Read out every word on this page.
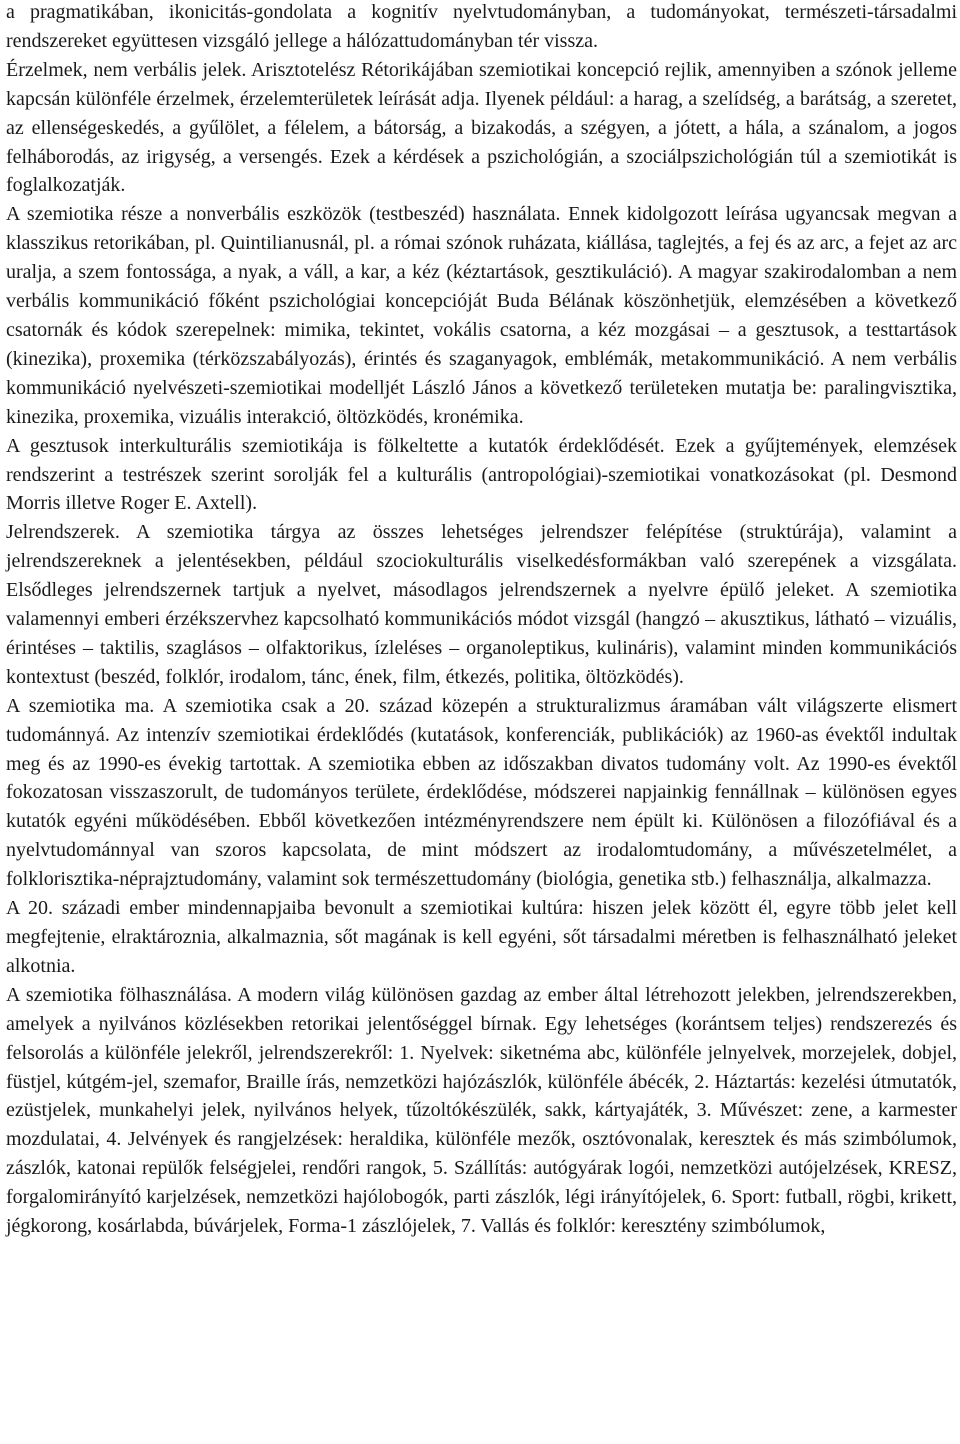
a pragmatikában, ikonicitás-gondolata a kognitív nyelvtudományban, a tudományokat, természeti-társadalmi rendszereket együttesen vizsgáló jellege a hálózattudományban tér vissza.

Érzelmek, nem verbális jelek. Arisztotelész Rétorikájában szemiotikai koncepció rejlik, amennyiben a szónok jelleme kapcsán különféle érzelmek, érzelemterületek leírását adja. Ilyenek például: a harag, a szelídség, a barátság, a szeretet, az ellenségeskedés, a gyűlölet, a félelem, a bátorság, a bizakodás, a szégyen, a jótett, a hála, a szánalom, a jogos felháborodás, az irigység, a versengés. Ezek a kérdések a pszichológián, a szociálpszichológián túl a szemiotikát is foglalkozatják.

A szemiotika része a nonverbális eszközök (testbeszéd) használata. Ennek kidolgozott leírása ugyancsak megvan a klasszikus retorikában, pl. Quintilianusnál, pl. a római szónok ruházata, kiállása, taglejtés, a fej és az arc, a fejet az arc uralja, a szem fontossága, a nyak, a váll, a kar, a kéz (kéztartások, gesztikuláció). A magyar szakirodalomban a nem verbális kommunikáció főként pszichológiai koncepcióját Buda Bélának köszönhetjük, elemzésében a következő csatornák és kódok szerepelnek: mimika, tekintet, vokális csatorna, a kéz mozgásai – a gesztusok, a testtartások (kinezika), proxemika (térközszabályozás), érintés és szaganyagok, emblémák, metakommunikáció. A nem verbális kommunikáció nyelvészeti-szemiotikai modelljét László János a következő területeken mutatja be: paralingvisztika, kinezika, proxemika, vizuális interakció, öltözködés, kronémika.

A gesztusok interkulturális szemiotikája is fölkeltette a kutatók érdeklődését. Ezek a gyűjtemények, elemzések rendszerint a testrészek szerint sorolják fel a kulturális (antropológiai)-szemiotikai vonatkozásokat (pl. Desmond Morris illetve Roger E. Axtell).

Jelrendszerek. A szemiotika tárgya az összes lehetséges jelrendszer felépítése (struktúrája), valamint a jelrendszereknek a jelentésekben, például szociokulturális viselkedésformákban való szerepének a vizsgálata. Elsődleges jelrendszernek tartjuk a nyelvet, másodlagos jelrendszernek a nyelvre épülő jeleket. A szemiotika valamennyi emberi érzékszervhez kapcsolható kommunikációs módot vizsgál (hangzó – akusztikus, látható – vizuális, érintéses – taktilis, szaglásos – olfaktorikus, ízleléses – organoleptikus, kulináris), valamint minden kommunikációs kontextust (beszéd, folklór, irodalom, tánc, ének, film, étkezés, politika, öltözködés).

A szemiotika ma. A szemiotika csak a 20. század közepén a strukturalizmus áramában vált világszerte elismert tudománnyá. Az intenzív szemiotikai érdeklődés (kutatások, konferenciák, publikációk) az 1960-as évektől indultak meg és az 1990-es évekig tartottak. A szemiotika ebben az időszakban divatos tudomány volt. Az 1990-es évektől fokozatosan visszaszorult, de tudományos területe, érdeklődése, módszerei napjainkig fennállnak – különösen egyes kutatók egyéni működésében. Ebből következően intézményrendszere nem épült ki. Különösen a filozófiával és a nyelvtudománnyal van szoros kapcsolata, de mint módszert az irodalomtudomány, a művészetelmélet, a folklorisztika-néprajztudomány, valamint sok természettudomány (biológia, genetika stb.) felhasználja, alkalmazza.

A 20. századi ember mindennapjaiba bevonult a szemiotikai kultúra: hiszen jelek között él, egyre több jelet kell megfejtenie, elraktároznia, alkalmaznia, sőt magának is kell egyéni, sőt társadalmi méretben is felhasználható jeleket alkotnia.

A szemiotika fölhasználása. A modern világ különösen gazdag az ember által létrehozott jelekben, jelrendszerekben, amelyek a nyilvános közlésekben retorikai jelentőséggel bírnak. Egy lehetséges (korántsem teljes) rendszerezés és felsorolás a különféle jelekről, jelrendszerekről: 1. Nyelvek: siketnéma abc, különféle jelnyelvek, morzejelek, dobjel, füstjel, kútgém-jel, szemafor, Braille írás, nemzetközi hajózászlók, különféle ábécék, 2. Háztartás: kezelési útmutatók, ezüstjelek, munkahelyi jelek, nyilvános helyek, tűzoltókészülék, sakk, kártyajáték, 3. Művészet: zene, a karmester mozdulatai, 4. Jelvények és rangjelzések: heraldika, különféle mezők, osztóvonalak, keresztek és más szimbólumok, zászlók, katonai repülők felségjelei, rendőri rangok, 5. Szállítás: autógyárak logói, nemzetközi autójelzések, KRESZ, forgalomirányító karjelzések, nemzetközi hajólobogók, parti zászlók, légi irányítójelek, 6. Sport: futball, rögbi, krikett, jégkorong, kosárlabda, búvárjelek, Forma-1 zászlójelek, 7. Vallás és folklór: keresztény szimbólumok,
